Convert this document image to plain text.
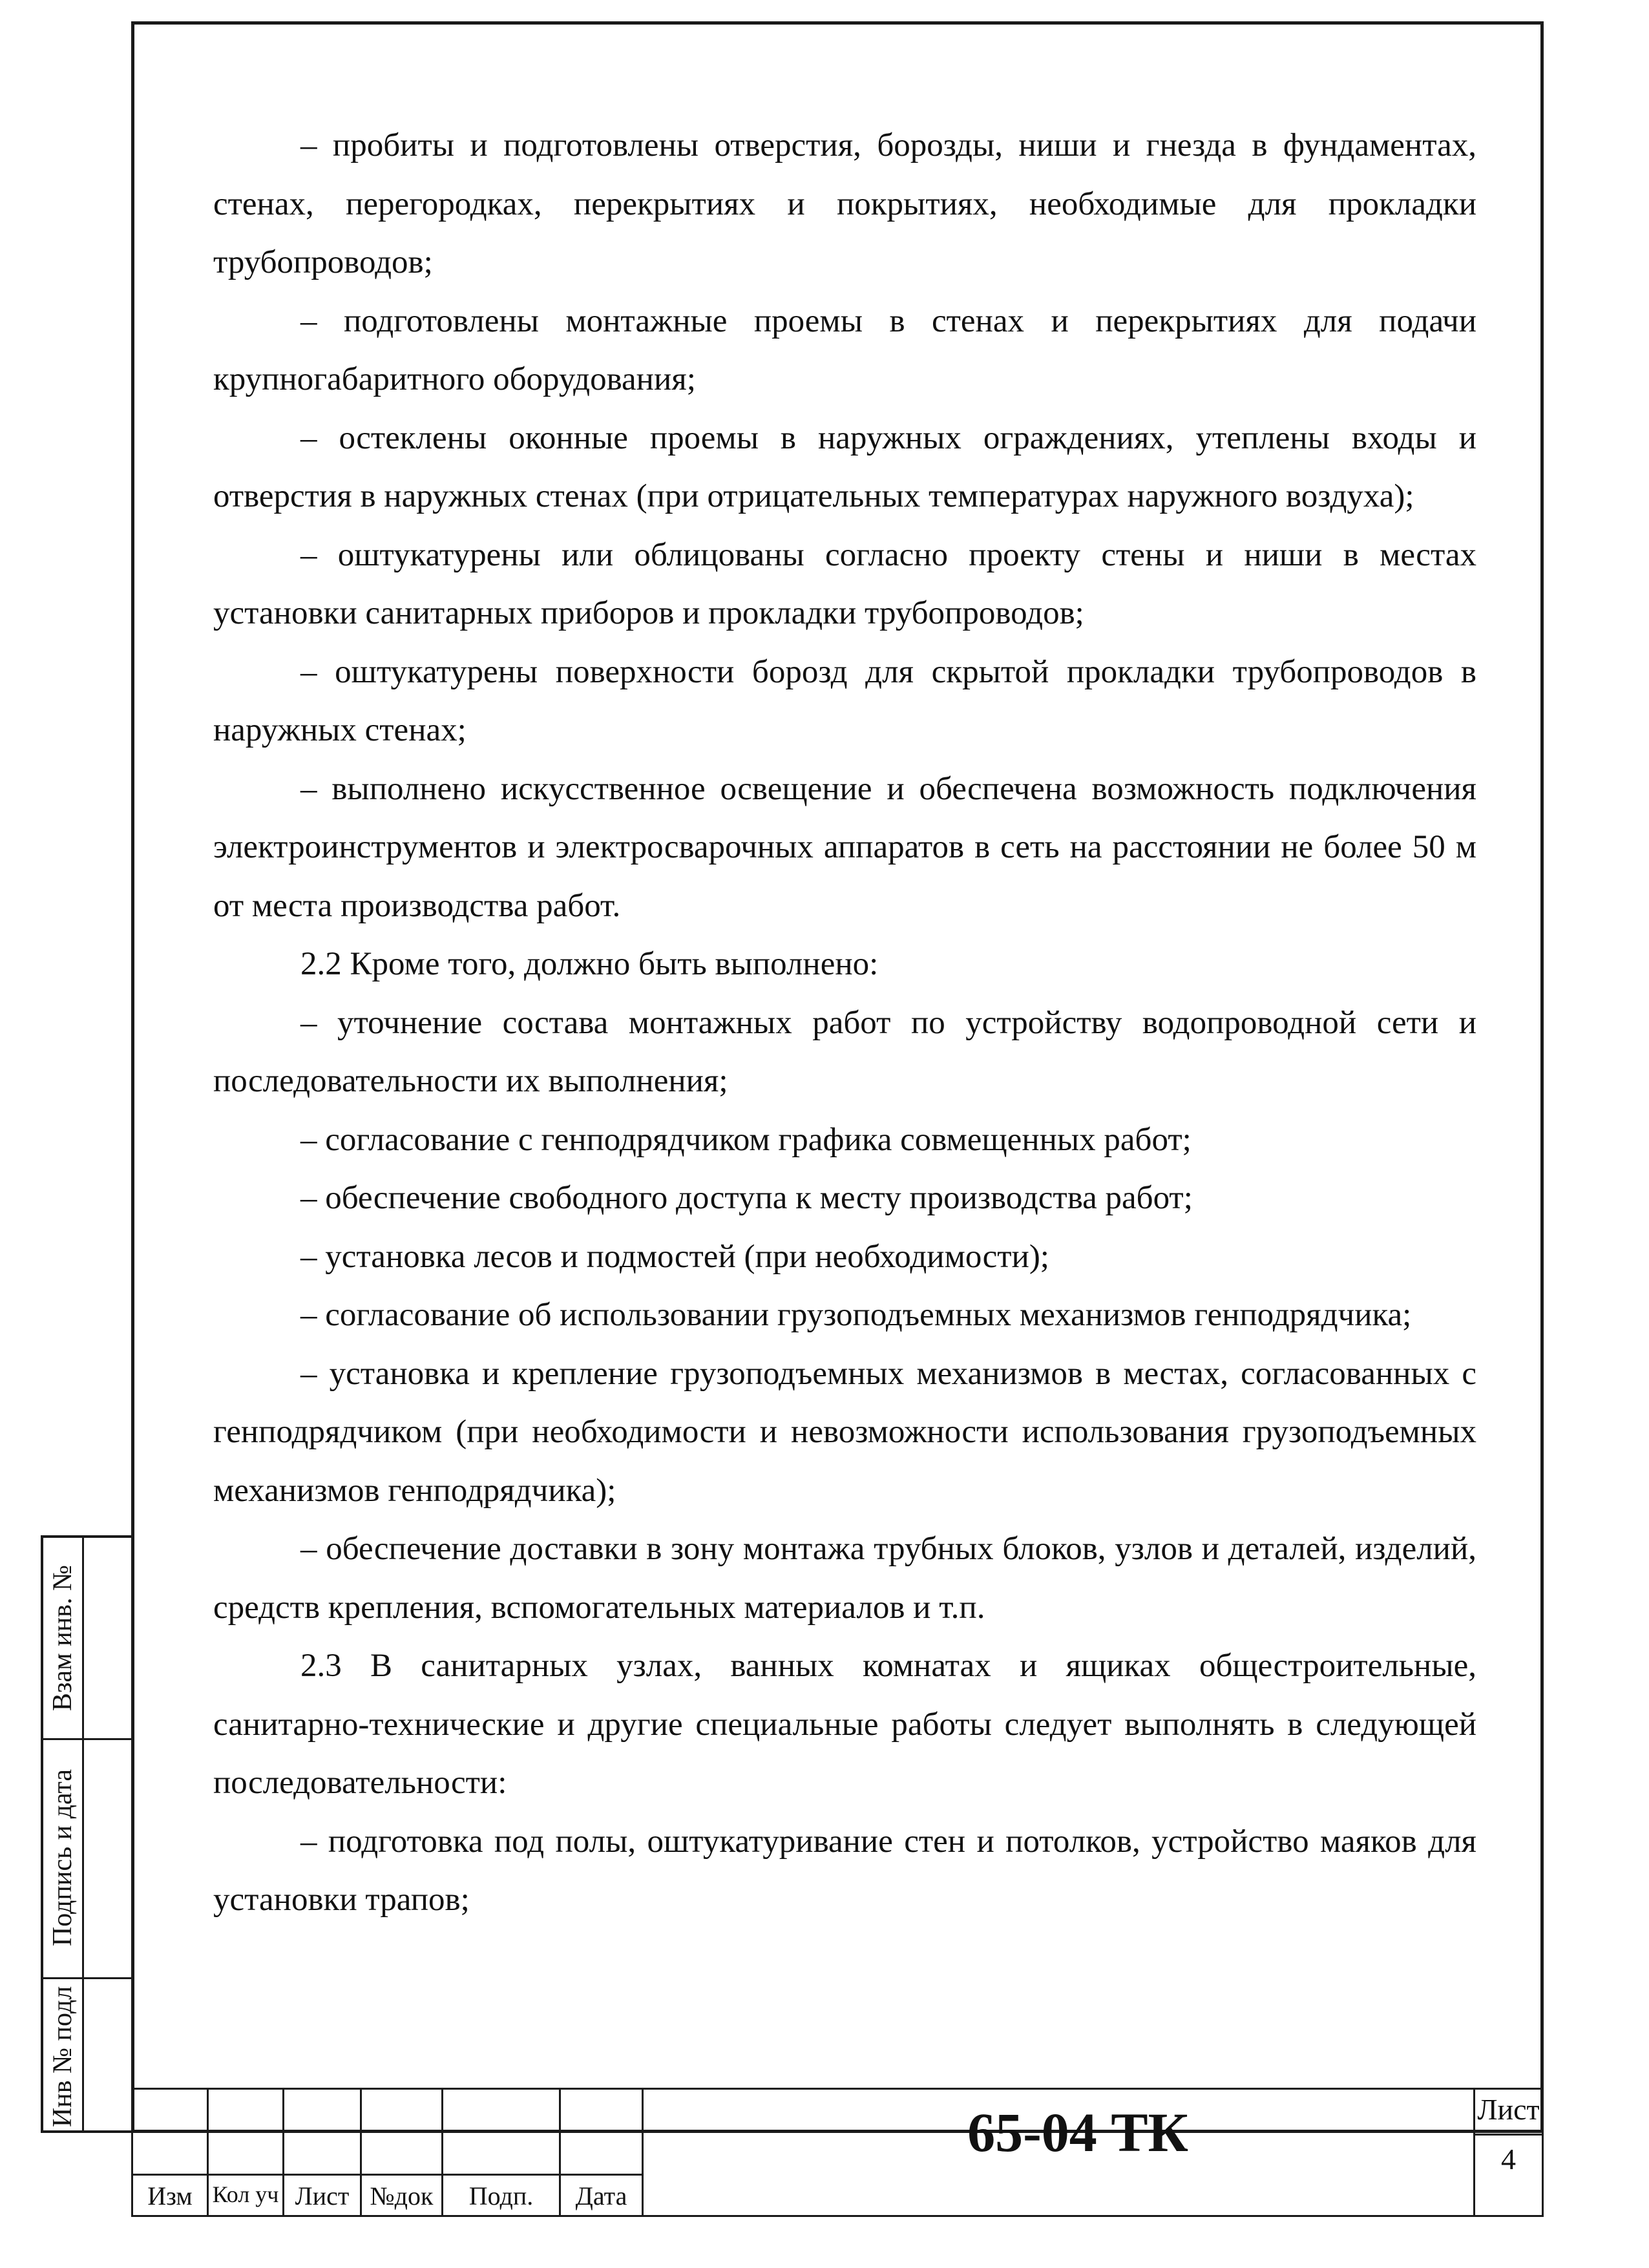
– пробиты и подготовлены отверстия, борозды, ниши и гнезда в фундаментах, стенах, перегородках, перекрытиях и покрытиях, необходимые для прокладки трубопроводов;

– подготовлены монтажные проемы в стенах и перекрытиях для подачи крупногабаритного оборудования;

– остеклены оконные проемы в наружных ограждениях, утеплены входы и отверстия в наружных стенах (при отрицательных температурах наружного воздуха);

– оштукатурены или облицованы согласно проекту стены и ниши в местах установки санитарных приборов и прокладки трубопроводов;

– оштукатурены поверхности борозд для скрытой прокладки трубопроводов в наружных стенах;

– выполнено искусственное освещение и обеспечена возможность подключения электроинструментов и электросварочных аппаратов в сеть на расстоянии не более 50 м от места производства работ.

2.2 Кроме того, должно быть выполнено:

– уточнение состава монтажных работ по устройству водопроводной сети и последовательности их выполнения;

– согласование с генподрядчиком графика совмещенных работ;

– обеспечение свободного доступа к месту производства работ;

– установка лесов и подмостей (при необходимости);

– согласование об использовании грузоподъемных механизмов генподрядчика;

– установка и крепление грузоподъемных механизмов в местах, согласованных с генподрядчиком (при необходимости и невозможности использования грузоподъемных механизмов генподрядчика);

– обеспечение доставки в зону монтажа трубных блоков, узлов и деталей, изделий, средств крепления, вспомогательных материалов и т.п.

2.3 В санитарных узлах, ванных комнатах и ящиках общестроительные, санитарно-технические и другие специальные работы следует выполнять в следующей последовательности:

– подготовка под полы, оштукатуривание стен и потолков, устройство маяков для установки трапов;

Взам инв. №
Подпись и дата
Инв № подл
Изм Кол уч Лист №док	Подп.	Дата
65-04 ТК	Лист
4
